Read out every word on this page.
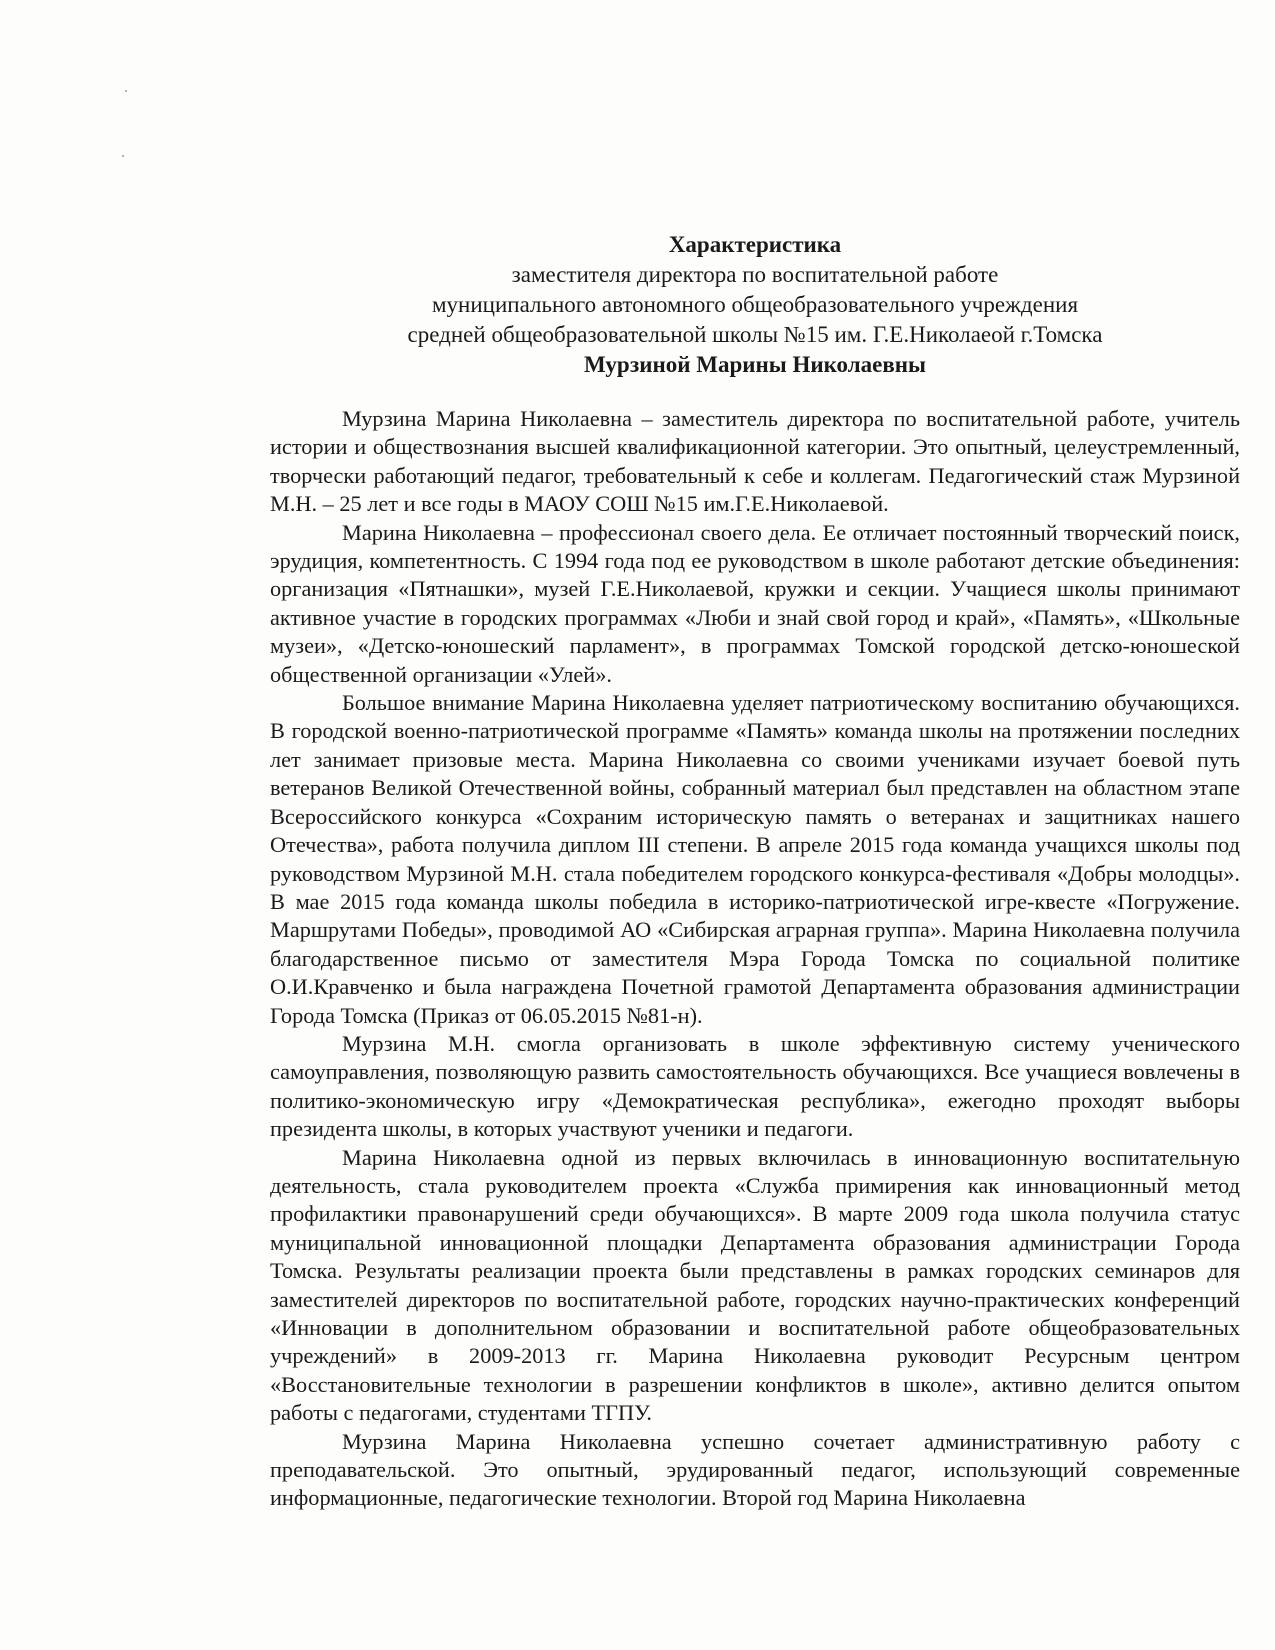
Характеристика
заместителя директора по воспитательной работе
муниципального автономного общеобразовательного учреждения
средней общеобразовательной школы №15 им. Г.Е.Николаеой г.Томска
Мурзиной Марины Николаевны

Мурзина Марина Николаевна – заместитель директора по воспитательной работе, учитель истории и обществознания высшей квалификационной категории. Это опытный, целеустремленный, творчески работающий педагог, требовательный к себе и коллегам. Педагогический стаж Мурзиной М.Н. – 25 лет и все годы в МАОУ СОШ №15 им.Г.Е.Николаевой.

Марина Николаевна – профессионал своего дела. Ее отличает постоянный творческий поиск, эрудиция, компетентность. С 1994 года под ее руководством в школе работают детские объединения: организация «Пятнашки», музей Г.Е.Николаевой, кружки и секции. Учащиеся школы принимают активное участие в городских программах «Люби и знай свой город и край», «Память», «Школьные музеи», «Детско-юношеский парламент», в программах Томской городской детско-юношеской общественной организации «Улей».

Большое внимание Марина Николаевна уделяет патриотическому воспитанию обучающихся. В городской военно-патриотической программе «Память» команда школы на протяжении последних лет занимает призовые места. Марина Николаевна со своими учениками изучает боевой путь ветеранов Великой Отечественной войны, собранный материал был представлен на областном этапе Всероссийского конкурса «Сохраним историческую память о ветеранах и защитниках нашего Отечества», работа получила диплом III степени. В апреле 2015 года команда учащихся школы под руководством Мурзиной М.Н. стала победителем городского конкурса-фестиваля «Добры молодцы». В мае 2015 года команда школы победила в историко-патриотической игре-квесте «Погружение. Маршрутами Победы», проводимой АО «Сибирская аграрная группа». Марина Николаевна получила благодарственное письмо от заместителя Мэра Города Томска по социальной политике О.И.Кравченко и была награждена Почетной грамотой Департамента образования администрации Города Томска (Приказ от 06.05.2015 №81-н).

Мурзина М.Н. смогла организовать в школе эффективную систему ученического самоуправления, позволяющую развить самостоятельность обучающихся. Все учащиеся вовлечены в политико-экономическую игру «Демократическая республика», ежегодно проходят выборы президента школы, в которых участвуют ученики и педагоги.

Марина Николаевна одной из первых включилась в инновационную воспитательную деятельность, стала руководителем проекта «Служба примирения как инновационный метод профилактики правонарушений среди обучающихся». В марте 2009 года школа получила статус муниципальной инновационной площадки Департамента образования администрации Города Томска. Результаты реализации проекта были представлены в рамках городских семинаров для заместителей директоров по воспитательной работе, городских научно-практических конференций «Инновации в дополнительном образовании и воспитательной работе общеобразовательных учреждений» в 2009-2013 гг. Марина Николаевна руководит Ресурсным центром «Восстановительные технологии в разрешении конфликтов в школе», активно делится опытом работы с педагогами, студентами ТГПУ.

Мурзина Марина Николаевна успешно сочетает административную работу с преподавательской. Это опытный, эрудированный педагог, использующий современные информационные, педагогические технологии. Второй год Марина Николаевна
